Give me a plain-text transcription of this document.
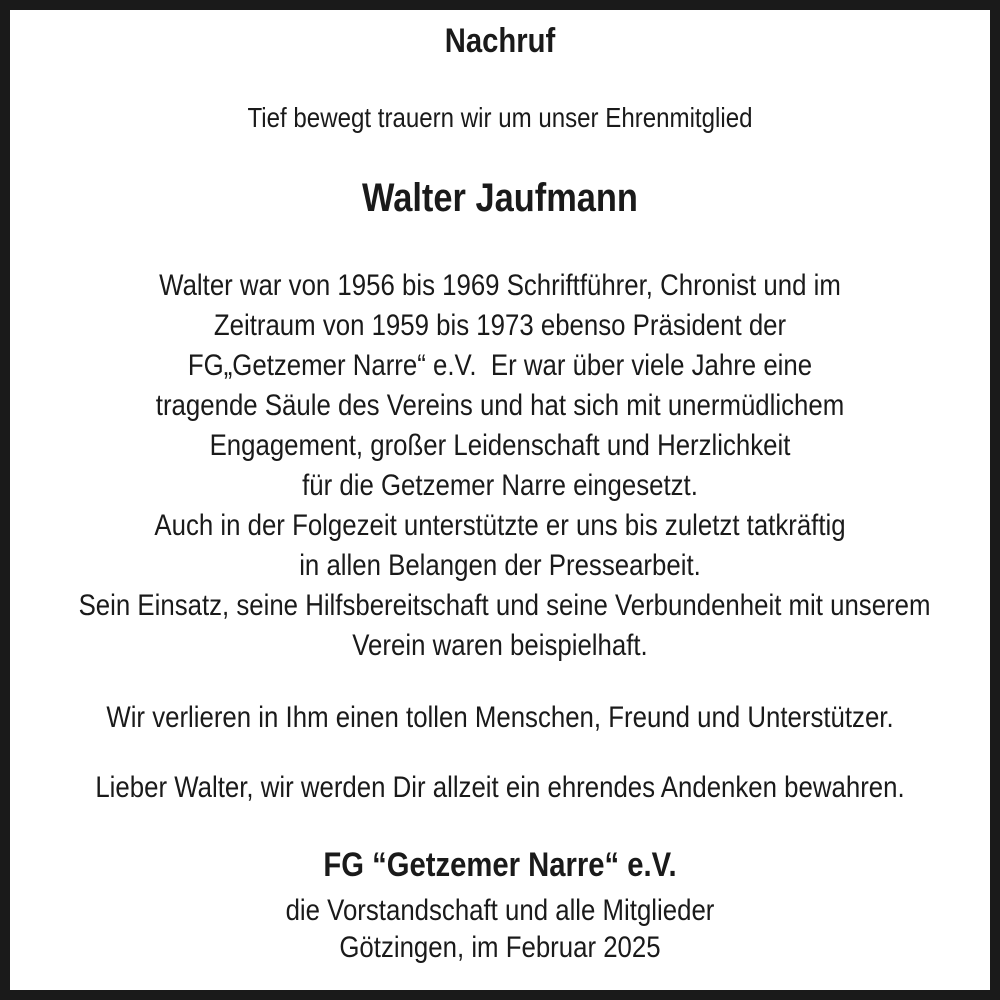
Nachruf
Tief bewegt trauern wir um unser Ehrenmitglied
Walter Jaufmann
Walter war von 1956 bis 1969 Schriftführer, Chronist und im
Zeitraum von 1959 bis 1973 ebenso Präsident der
FG„Getzemer Narre“ e.V.  Er war über viele Jahre eine
tragende Säule des Vereins und hat sich mit unermüdlichem
Engagement, großer Leidenschaft und Herzlichkeit
für die Getzemer Narre eingesetzt.
Auch in der Folgezeit unterstützte er uns bis zuletzt tatkräftig
in allen Belangen der Pressearbeit.
Sein Einsatz, seine Hilfsbereitschaft und seine Verbundenheit mit unserem
Verein waren beispielhaft.
Wir verlieren in Ihm einen tollen Menschen, Freund und Unterstützer.
Lieber Walter, wir werden Dir allzeit ein ehrendes Andenken bewahren.
FG “Getzemer Narre“ e.V.
die Vorstandschaft und alle Mitglieder
Götzingen, im Februar 2025
